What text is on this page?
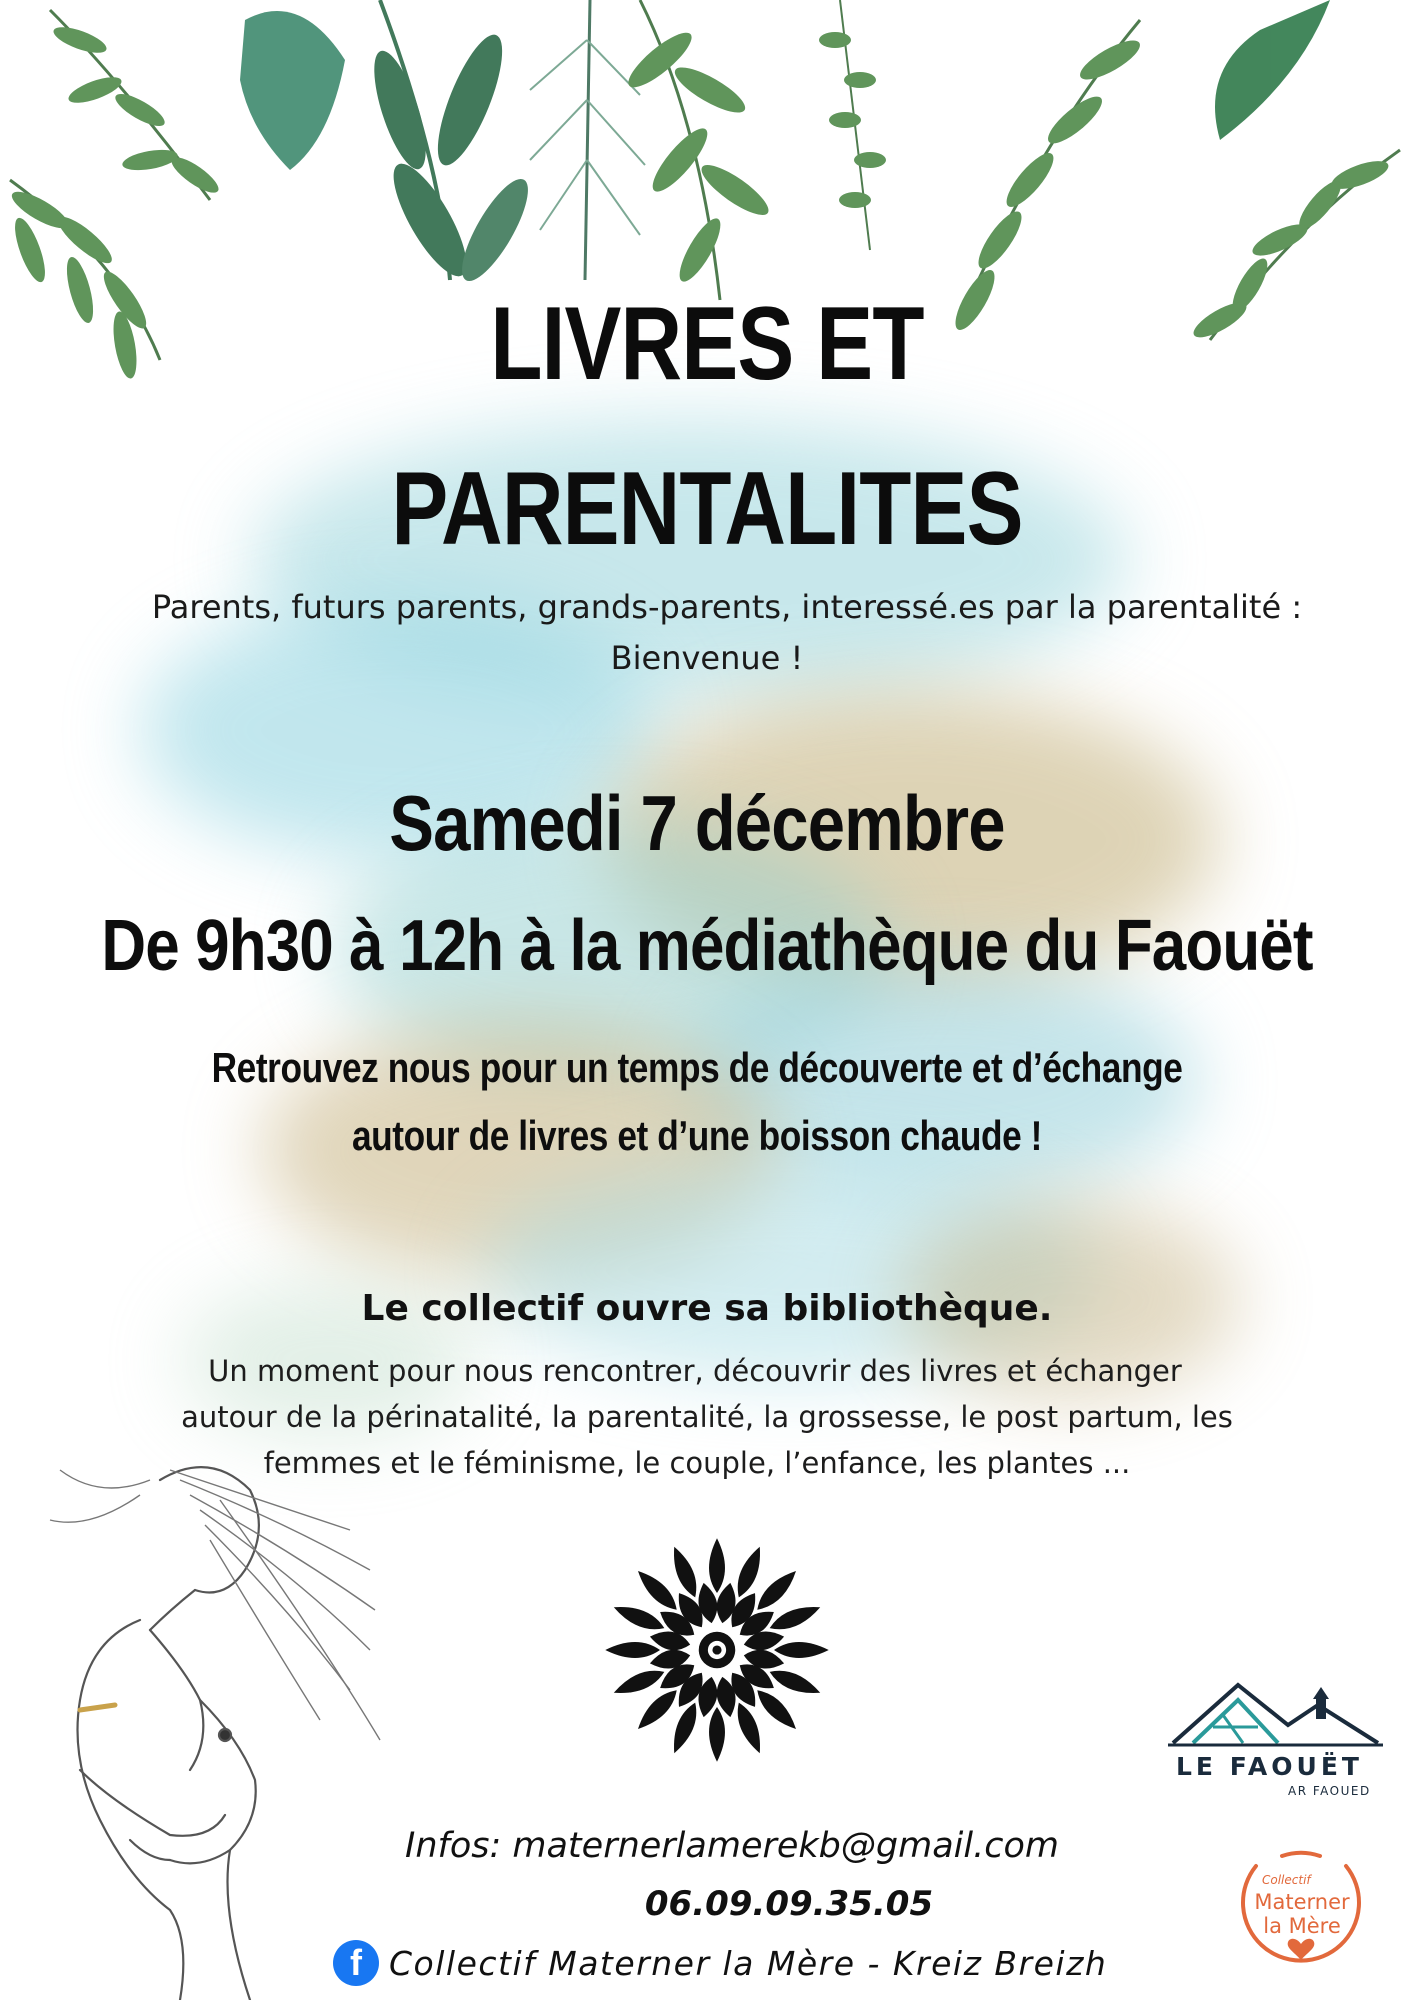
LIVRES ET
PARENTALITES
Parents, futurs parents, grands-parents, interessé.es par la parentalité :
Bienvenue !
Samedi 7 décembre
De 9h30 à 12h à la médiathèque du Faouët
Retrouvez nous pour un temps de découverte et d’échange
autour de livres et d’une boisson chaude !
Le collectif ouvre sa bibliothèque.
Un moment pour nous rencontrer, découvrir des livres et échanger
autour de la périnatalité, la parentalité, la grossesse, le post partum, les
femmes et le féminisme, le couple, l’enfance, les plantes ...
LE FAOUËT
AR FAOUED
Collectif
Materner
la Mère
Infos: maternerlamerekb@gmail.com
06.09.09.35.05
f Collectif Materner la Mère - Kreiz Breizh
